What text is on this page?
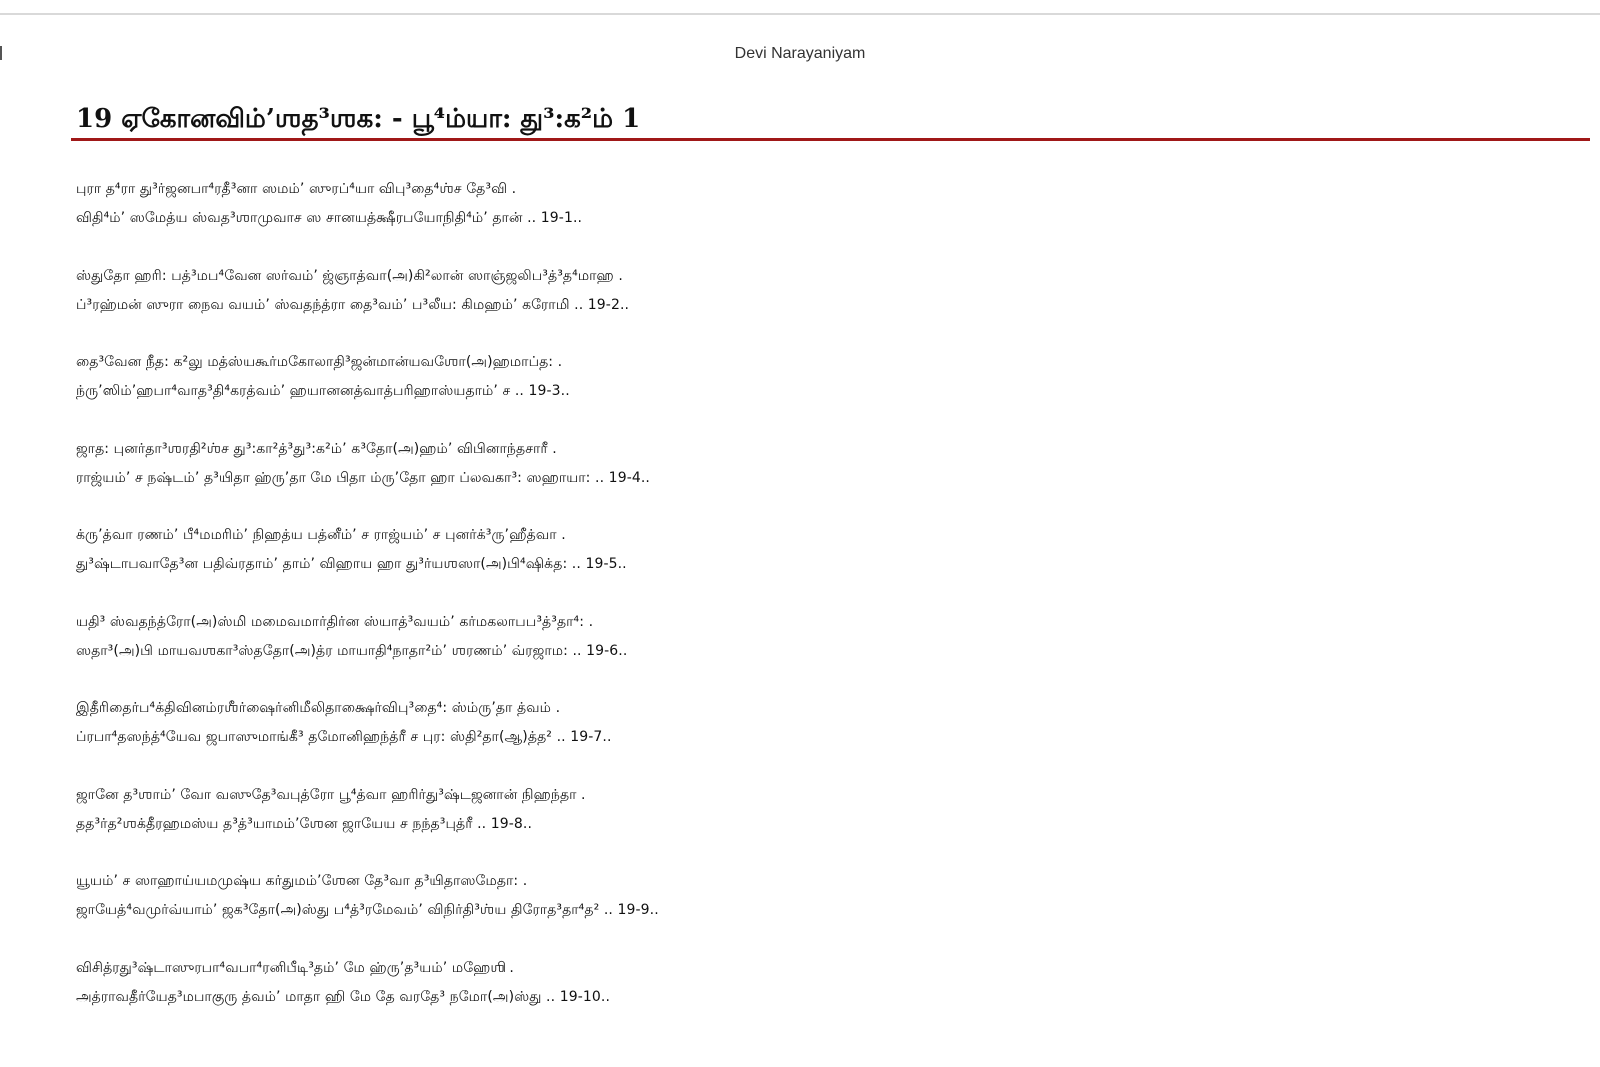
Devi Narayaniyam
19 ஏகோனவிம்’ஶத³ஶக: - பூ⁴ம்யா: து³:க²ம் 1
புரா த⁴ரா து³ர்ஜனபா⁴ரதீ³னா ஸமம்’ ஸுரப்⁴யா விபு³தை⁴ஶ்ச தே³வி .
விதி⁴ம்’ ஸமேத்ய ஸ்வத³ஶாமுவாச ஸ சானயத்க்ஷீரபயோநிதி⁴ம்’ தான் .. 19-1..
ஸ்துதோ ஹரி: பத்³மப⁴வேன ஸர்வம்’ ஜ்ஞாத்வா(அ)கி²லான் ஸாஞ்ஜலிப³த்³த⁴மாஹ .
ப்³ரஹ்மன் ஸுரா நைவ வயம்’ ஸ்வதந்த்ரா தை³வம்’ ப³லீய: கிமஹம்’ கரோமி .. 19-2..
தை³வேன நீத: க²லு மத்ஸ்யகூர்மகோலாதி³ஜன்மான்யவஶோ(அ)ஹமாப்த: .
ந்ரு’ஸிம்’ஹபா⁴வாத³தி⁴கரத்வம்’ ஹயானனத்வாத்பரிஹாஸ்யதாம்’ ச .. 19-3..
ஜாத: புனர்தா³ஶரதி²ஶ்ச து³:கா²த்³து³:க²ம்’ க³தோ(அ)ஹம்’ விபினாந்தசாரீ .
ராஜ்யம்’ ச நஷ்டம்’ த³யிதா ஹ்ரு’தா மே பிதா ம்ரு’தோ ஹா ப்லவகா³: ஸஹாயா: .. 19-4..
க்ரு’த்வா ரணம்’ பீ⁴மமரிம்’ நிஹத்ய பத்னீம்’ ச ராஜ்யம்’ ச புனர்க்³ரு’ஹீத்வா .
து³ஷ்டாபவாதே³ன பதிவ்ரதாம்’ தாம்’ விஹாய ஹா து³ர்யஶஸா(அ)பி⁴ஷிக்த: .. 19-5..
யதி³ ஸ்வதந்த்ரோ(அ)ஸ்மி மமைவமார்திர்ன ஸ்யாத்³வயம்’ கர்மகலாபப³த்³தா⁴: .
ஸதா³(அ)பி மாயவஶகா³ஸ்ததோ(அ)த்ர மாயாதி⁴நாதா²ம்’ ஶரணம்’ வ்ரஜாம: .. 19-6..
இதீரிதைர்ப⁴க்திவினம்ரஶீர்ஷைர்னிமீலிதாக்ஷைர்விபு³தை⁴: ஸ்ம்ரு’தா த்வம் .
ப்ரபா⁴தஸந்த்⁴யேவ ஜபாஸுமாங்கீ³ தமோனிஹந்த்ரீ ச புர: ஸ்தி²தா(ஆ)த்த² .. 19-7..
ஜானே த³ஶாம்’ வோ வஸுதே³வபுத்ரோ பூ⁴த்வா ஹரிர்து³ஷ்டஜனான் நிஹந்தா .
தத³ர்த²ஶக்தீரஹமஸ்ய த³த்³யாமம்’ஶேன ஜாயேய ச நந்த³புத்ரீ .. 19-8..
யூயம்’ ச ஸாஹாய்யமமுஷ்ய கர்துமம்’ஶேன தே³வா த³யிதாஸமேதா: .
ஜாயேத்⁴வமுர்வ்யாம்’ ஜக³தோ(அ)ஸ்து ப⁴த்³ரமேவம்’ விநிர்தி³ஶ்ய திரோத³தா⁴த² .. 19-9..
விசித்ரது³ஷ்டாஸுரபா⁴வபா⁴ரனிபீடி³தம்’ மே ஹ்ரு’த³யம்’ மஹேஶி .
அத்ராவதீர்யேத³மபாகுரு த்வம்’ மாதா ஹி மே தே வரதே³ நமோ(அ)ஸ்து .. 19-10..
